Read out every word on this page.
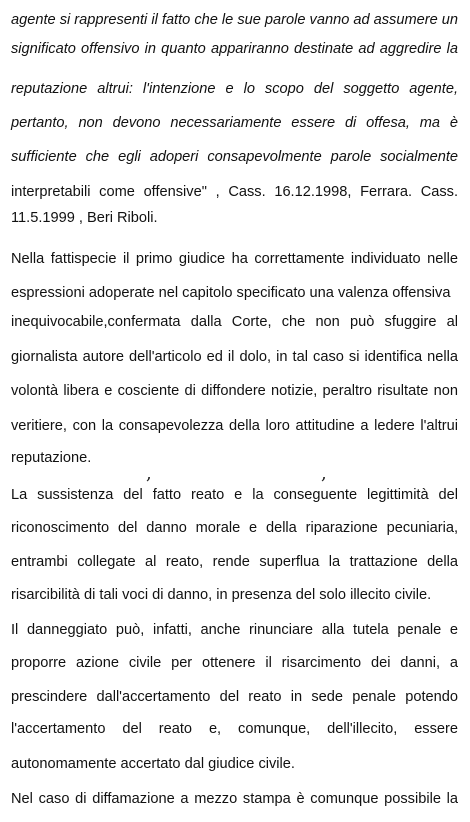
agente si rappresenti il fatto che le sue parole vanno ad assumere un
significato offensivo in quanto appariranno destinate ad aggredire la
reputazione altrui: l'intenzione e lo scopo del soggetto agente,
pertanto, non devono necessariamente essere di offesa, ma è
sufficiente che egli adoperi consapevolmente parole socialmente
interpretabili come offensive" , Cass. 16.12.1998, Ferrara. Cass.
11.5.1999 , Beri Riboli.
Nella fattispecie il primo giudice ha correttamente individuato nelle
espressioni adoperate nel capitolo specificato una valenza offensiva
inequivocabile,confermata dalla Corte, che non può sfuggire al
giornalista autore dell'articolo ed il dolo, in tal caso si identifica nella
volontà libera e cosciente di diffondere notizie, peraltro risultate non
veritiere, con la consapevolezza della loro attitudine a ledere l'altrui
reputazione.
La sussistenza del fatto reato e la conseguente legittimità del
riconoscimento del danno morale e della riparazione pecuniaria,
entrambi collegate al reato, rende superflua la trattazione della
risarcibilità di tali voci di danno, in presenza del solo illecito civile.
Il danneggiato può, infatti, anche rinunciare alla tutela penale e
proporre azione civile per ottenere il risarcimento dei danni, a
prescindere dall'accertamento del reato in sede penale potendo
l'accertamento del reato e, comunque, dell'illecito, essere
autonomamente accertato dal giudice civile.
Nel caso di diffamazione a mezzo stampa è comunque possibile la
,	,
